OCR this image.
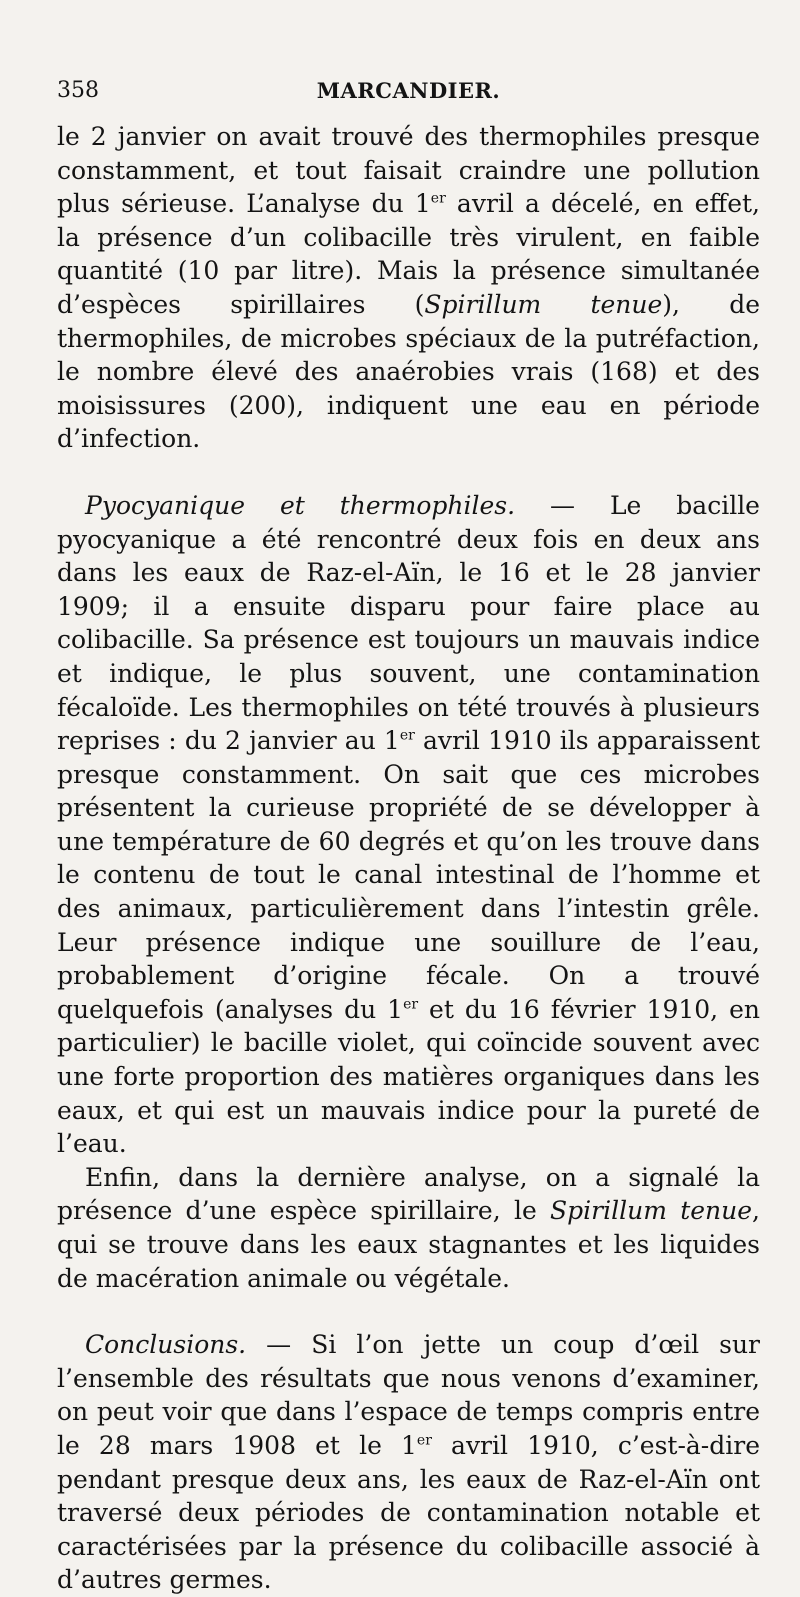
358	MARCANDIER.

le 2 janvier on avait trouvé des thermophiles presque constamment, et tout faisait craindre une pollution plus sérieuse. L’analyse du 1er avril a décelé, en effet, la présence d’un colibacille très virulent, en faible quantité (10 par litre). Mais la présence simultanée d’espèces spirillaires (Spirillum tenue), de thermophiles, de microbes spéciaux de la putréfaction, le nombre élevé des anaérobies vrais (168) et des moisissures (200), indiquent une eau en période d’infection.

Pyocyanique et thermophiles. — Le bacille pyocyanique a été rencontré deux fois en deux ans dans les eaux de Raz-el-Aïn, le 16 et le 28 janvier 1909; il a ensuite disparu pour faire place au colibacille. Sa présence est toujours un mauvais indice et indique, le plus souvent, une contamination fécaloïde. Les thermophiles on tété trouvés à plusieurs reprises : du 2 janvier au 1er avril 1910 ils apparaissent presque constamment. On sait que ces microbes présentent la curieuse propriété de se développer à une température de 60 degrés et qu’on les trouve dans le contenu de tout le canal intestinal de l’homme et des animaux, particulièrement dans l’intestin grêle. Leur présence indique une souillure de l’eau, probablement d’origine fécale. On a trouvé quelquefois (analyses du 1er et du 16 février 1910, en particulier) le bacille violet, qui coïncide souvent avec une forte proportion des matières organiques dans les eaux, et qui est un mauvais indice pour la pureté de l’eau.

Enfin, dans la dernière analyse, on a signalé la présence d’une espèce spirillaire, le Spirillum tenue, qui se trouve dans les eaux stagnantes et les liquides de macération animale ou végétale.

Conclusions. — Si l’on jette un coup d’œil sur l’ensemble des résultats que nous venons d’examiner, on peut voir que dans l’espace de temps compris entre le 28 mars 1908 et le 1er avril 1910, c’est-à-dire pendant presque deux ans, les eaux de Raz-el-Aïn ont traversé deux périodes de contamination notable et caractérisées par la présence du colibacille associé à d’autres germes.
